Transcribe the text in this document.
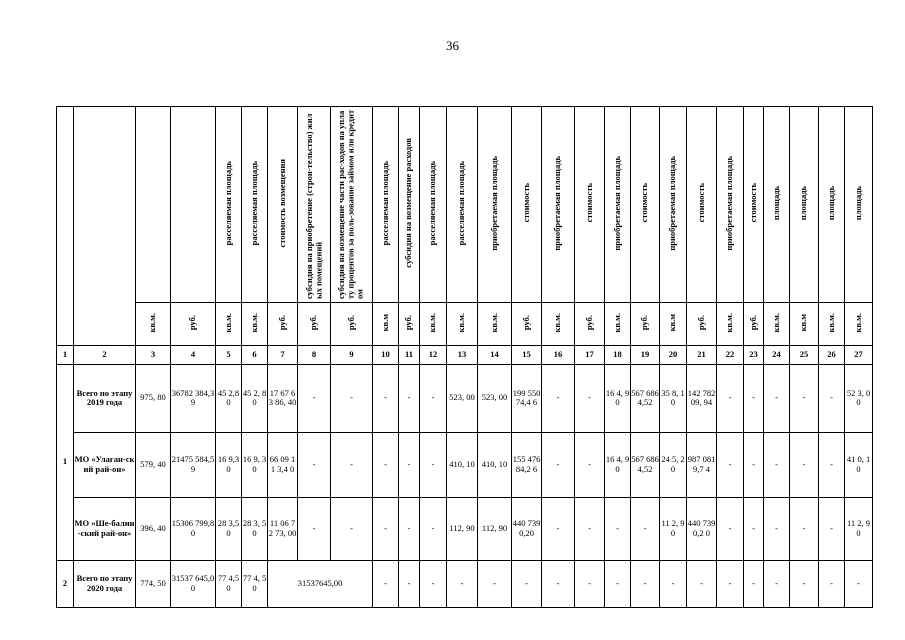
36
				расселяемая площадь	расселяемая площадь	стоимость возмещения	субсидия на приобретение (строи-тельство) жилых помещений	субсидия на возмещение части рас-ходов на уплату процентов за поль-зование займом или кредитом	расселяемая площадь	субсидия на возмещение расходов	расселяемая площадь	расселяемая площадь	приобретаемая площадь	стоимость	приобретаемая площадь	стоимость	приобретаемая площадь	стоимость	приобретаемая площадь	стоимость	приобретаемая площадь	стоимость	площадь	площадь	площадь	площадь
		кв.м.	руб.	кв.м.	кв.м.	руб.	руб.	руб.	кв.м	руб.	кв.м.	кв.м.	кв.м.	руб.	кв.м.	руб.	кв.м.	руб.	кв.м	руб.	кв.м.	руб.	кв.м.	кв.м	кв.м.	кв.м.
1	2	3	4	5	6	7	8	9	10	11	12	13	14	15	16	17	18	19	20	21	22	23	24	25	26	27
1	Всего по этапу 2019 года	975, 80	36782 384,39	45 2,8 0	45 2, 80	17 67 63 86, 40	-	-	-	-	-	523, 00	523, 00	199 550 74,4 6	-	-	16 4, 90	567 686 4,52	35 8, 10	142 782 09, 94	-	-	-	-	-	52 3, 00
	МО «Улаган-ский рай-он»	579, 40	21475 584,59	16 9,3 0	16 9, 30	66 09 11 3,4 0	-	-	-	-	-	410, 10	410, 10	155 476 84,2 6	-	-	16 4, 90	567 686 4,52	24 5, 20	987 081 9,7 4	-	-	-	-	-	41 0, 10
	МО «Ше-балин-ский рай-он»	396, 40	15306 799,80	28 3,5 0	28 3, 50	11 06 72 73, 00	-	-	-	-	-	112, 90	112, 90	440 739 0,20	-	-	-	-	11 2, 90	440 739 0,2 0	-	-	-	-	-	11 2, 90
2	Всего по этапу 2020 года	774, 50	31537 645,00	77 4,5 0	77 4, 50	31537645,00			-	-	-	-	-	-	-	-	-	-	-	-	-	-	-	-	-	-
